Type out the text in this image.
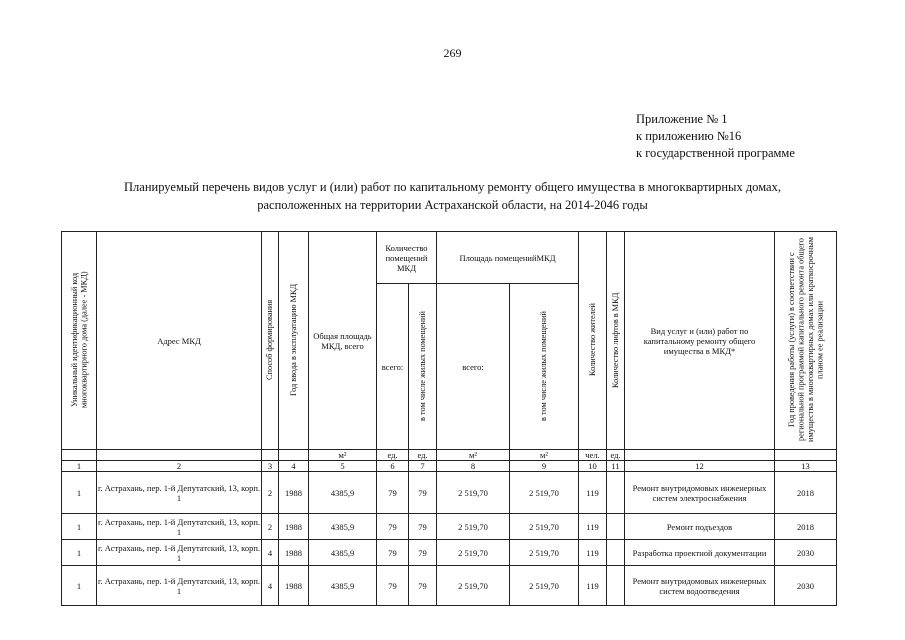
269
Приложение № 1
к приложению №16
к государственной программе
Планируемый перечень видов услуг и (или) работ по капитальному ремонту общего имущества в многоквартирных домах,
расположенных на территории Астраханской области, на 2014-2046 годы
Уникальный идентификационный код многоквартирного дома (далее - МКД)	Адрес МКД	Способ формирования	Год ввода в эксплуатацию МКД	Общая площадь МКД, всего	Количество помещений МКД		Площадь помещенийМКД		Количество жителей	Количество лифтов в МКД	Вид услуг и (или) работ по капитальному ремонту общего имущества в МКД*	Год проведения работы (услуги) в соответствии с региональной программой капитального ремонта общего имущества в многоквартирных домах или краткосрочным планом ее реализации
					всего:	в том числе жилых помещений	всего:	в том числе жилых помещений				

				м²	ед.	ед.	м²	м²	чел.	ед.		
1	2	3	4	5	6	7	8	9	10	11	12	13
1	г. Астрахань, пер. 1-й Депутатский, 13, корп. 1	2	1988	4385,9	79	79	2 519,70	2 519,70	119		Ремонт внутридомовых инженерных систем электроснабжения	2018
1	г. Астрахань, пер. 1-й Депутатский, 13, корп. 1	2	1988	4385,9	79	79	2 519,70	2 519,70	119		Ремонт подъездов	2018
1	г. Астрахань, пер. 1-й Депутатский, 13, корп. 1	4	1988	4385,9	79	79	2 519,70	2 519,70	119		Разработка проектной документации	2030
1	г. Астрахань, пер. 1-й Депутатский, 13, корп. 1	4	1988	4385,9	79	79	2 519,70	2 519,70	119		Ремонт внутридомовых инженерных систем водоотведения	2030
